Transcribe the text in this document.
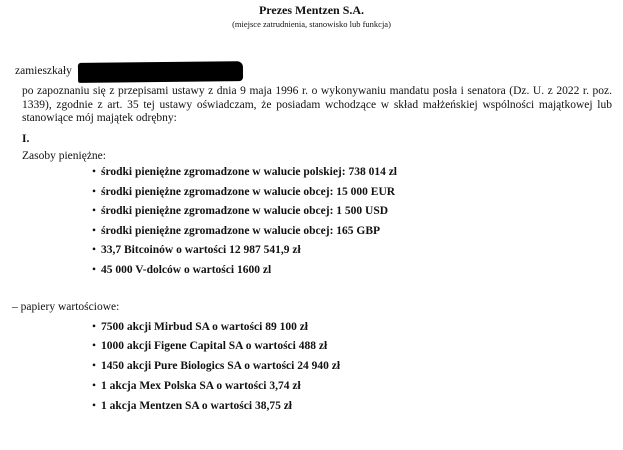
Prezes Mentzen S.A.
(miejsce zatrudnienia, stanowisko lub funkcja)
zamieszkały
po zapoznaniu się z przepisami ustawy z dnia 9 maja 1996 r. o wykonywaniu mandatu posła i senatora (Dz. U. z 2022 r. poz. 1339), zgodnie z art. 35 tej ustawy oświadczam, że posiadam wchodzące w skład małżeńskiej wspólności majątkowej lub stanowiące mój majątek odrębny:
I.
Zasoby pieniężne:
• środki pieniężne zgromadzone w walucie polskiej: 738 014 zl
• środki pieniężne zgromadzone w walucie obcej: 15 000 EUR
• środki pieniężne zgromadzone w walucie obcej: 1 500 USD
• środki pieniężne zgromadzone w walucie obcej: 165 GBP
• 33,7 Bitcoinów o wartości 12 987 541,9 zł
• 45 000 V-dolców o wartości 1600 zl
– papiery wartościowe:
• 7500 akcji Mirbud SA o wartości 89 100 zł
• 1000 akcji Figene Capital SA o wartości 488 zł
• 1450 akcji Pure Biologics SA o wartości 24 940 zł
• 1 akcja Mex Polska SA o wartości 3,74 zł
• 1 akcja Mentzen SA o wartości 38,75 zł
